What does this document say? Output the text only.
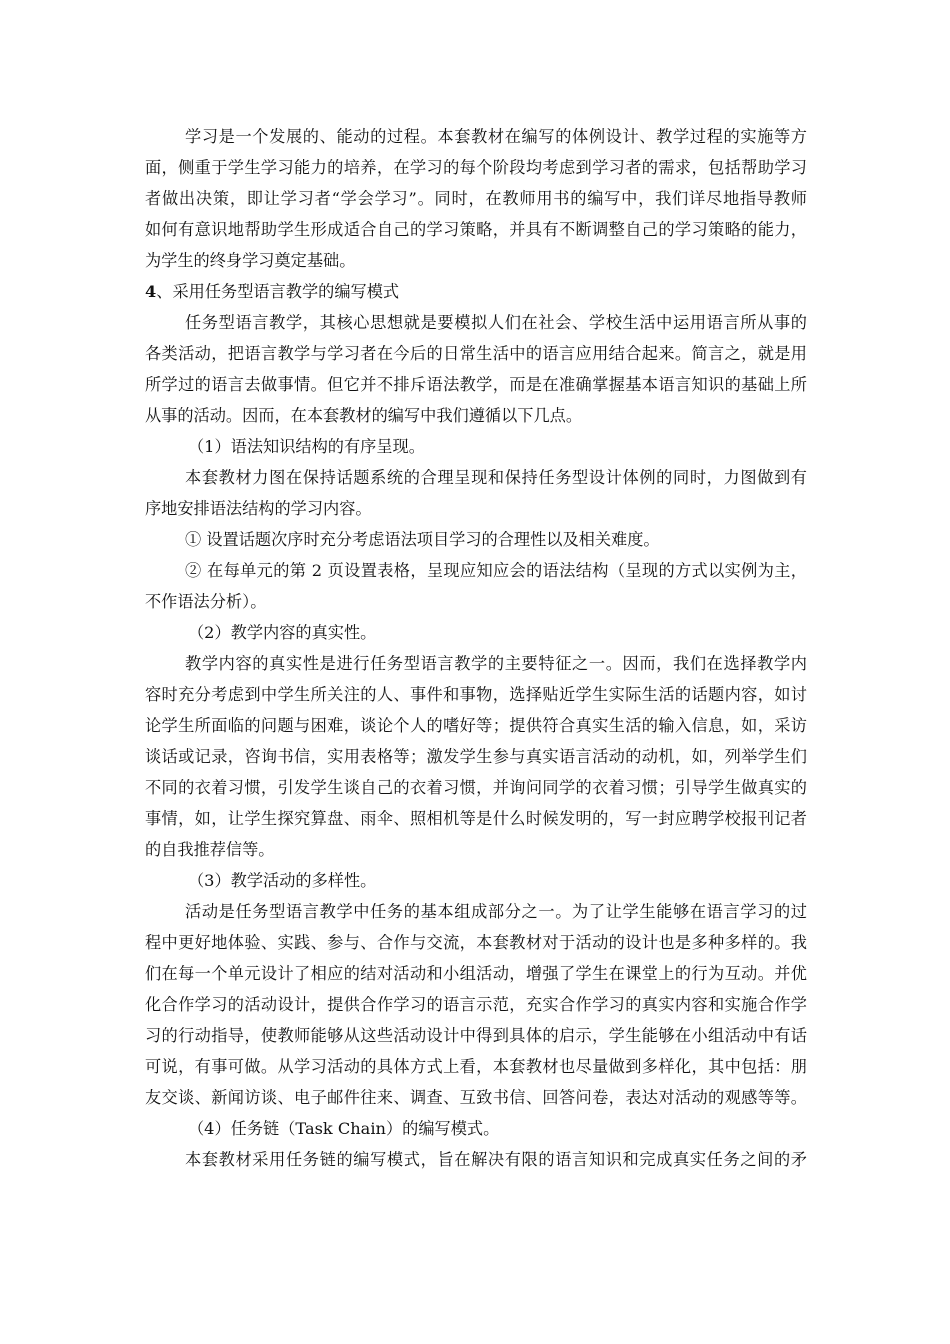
学习是一个发展的、能动的过程。本套教材在编写的体例设计、教学过程的实施等方
面，侧重于学生学习能力的培养，在学习的每个阶段均考虑到学习者的需求，包括帮助学习
者做出决策，即让学习者“学会学习”。同时，在教师用书的编写中，我们详尽地指导教师
如何有意识地帮助学生形成适合自己的学习策略，并具有不断调整自己的学习策略的能力，
为学生的终身学习奠定基础。
4、采用任务型语言教学的编写模式
任务型语言教学，其核心思想就是要模拟人们在社会、学校生活中运用语言所从事的
各类活动，把语言教学与学习者在今后的日常生活中的语言应用结合起来。简言之，就是用
所学过的语言去做事情。但它并不排斥语法教学，而是在准确掌握基本语言知识的基础上所
从事的活动。因而，在本套教材的编写中我们遵循以下几点。
（1）语法知识结构的有序呈现。
本套教材力图在保持话题系统的合理呈现和保持任务型设计体例的同时，力图做到有
序地安排语法结构的学习内容。
① 设置话题次序时充分考虑语法项目学习的合理性以及相关难度。
② 在每单元的第 2 页设置表格，呈现应知应会的语法结构（呈现的方式以实例为主，
不作语法分析）。
（2）教学内容的真实性。
教学内容的真实性是进行任务型语言教学的主要特征之一。因而，我们在选择教学内
容时充分考虑到中学生所关注的人、事件和事物，选择贴近学生实际生活的话题内容，如讨
论学生所面临的问题与困难，谈论个人的嗜好等；提供符合真实生活的输入信息，如，采访
谈话或记录，咨询书信，实用表格等；激发学生参与真实语言活动的动机，如，列举学生们
不同的衣着习惯，引发学生谈自己的衣着习惯，并询问同学的衣着习惯；引导学生做真实的
事情，如，让学生探究算盘、雨伞、照相机等是什么时候发明的，写一封应聘学校报刊记者
的自我推荐信等。
（3）教学活动的多样性。
活动是任务型语言教学中任务的基本组成部分之一。为了让学生能够在语言学习的过
程中更好地体验、实践、参与、合作与交流，本套教材对于活动的设计也是多种多样的。我
们在每一个单元设计了相应的结对活动和小组活动，增强了学生在课堂上的行为互动。并优
化合作学习的活动设计，提供合作学习的语言示范，充实合作学习的真实内容和实施合作学
习的行动指导，使教师能够从这些活动设计中得到具体的启示，学生能够在小组活动中有话
可说，有事可做。从学习活动的具体方式上看，本套教材也尽量做到多样化，其中包括：朋
友交谈、新闻访谈、电子邮件往来、调查、互致书信、回答问卷，表达对活动的观感等等。
（4）任务链（Task Chain）的编写模式。
本套教材采用任务链的编写模式，旨在解决有限的语言知识和完成真实任务之间的矛
